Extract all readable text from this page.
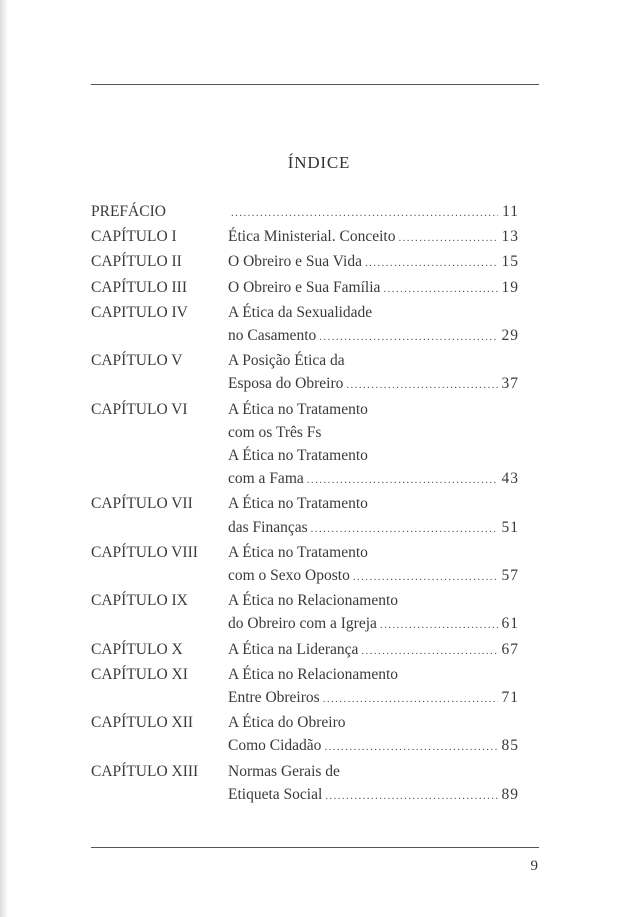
ÍNDICE
PREFÁCIO .....	11
CAPÍTULO I	Ética Ministerial. Conceito .....	13
CAPÍTULO II	O Obreiro e Sua Vida .....	15
CAPÍTULO III	O Obreiro e Sua Família .....	19
CAPITULO IV	A Ética da Sexualidade
no Casamento .....	29
CAPÍTULO V	A Posição Ética da
Esposa do Obreiro .....	37
CAPÍTULO VI	A Ética no Tratamento
com os Três Fs
A Ética no Tratamento
com a Fama .....	43
CAPÍTULO VII	A Ética no Tratamento
das Finanças .....	51
CAPÍTULO VIII	A Ética no Tratamento
com o Sexo Oposto .....	57
CAPÍTULO IX	A Ética no Relacionamento
do Obreiro com a Igreja .....	61
CAPÍTULO X	A Ética na Liderança .....	67
CAPÍTULO XI	A Ética no Relacionamento
Entre Obreiros .....	71
CAPÍTULO XII	A Ética do Obreiro
Como Cidadão .....	85
CAPÍTULO XIII	Normas Gerais de
Etiqueta Social .....	89
9
